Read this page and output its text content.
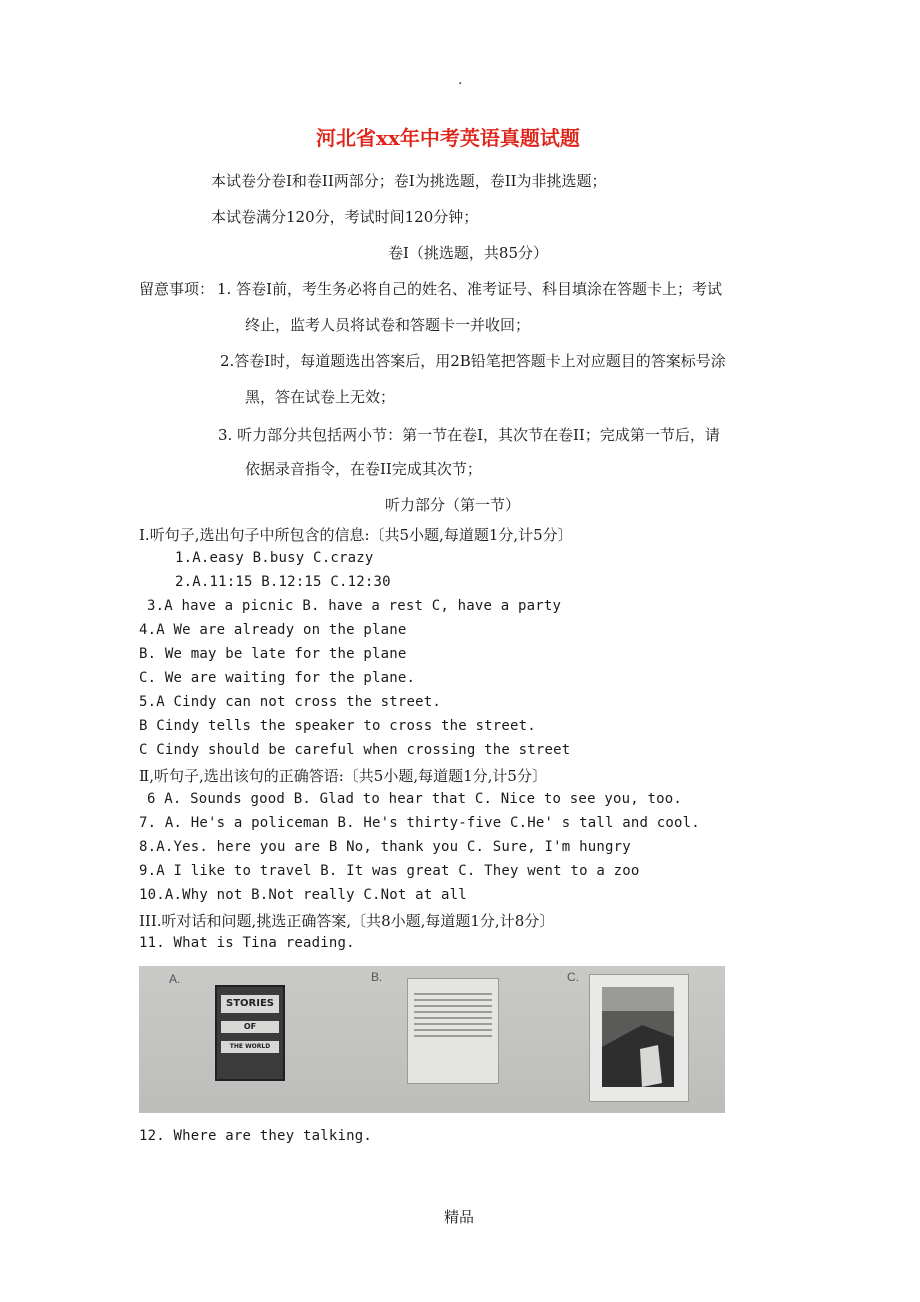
.
河北省xx年中考英语真题试题
本试卷分卷I和卷II两部分；卷I为挑选题，卷II为非挑选题；
本试卷满分120分，考试时间120分钟；
卷I（挑选题，共85分）
留意事项： 1. 答卷I前，考生务必将自己的姓名、准考证号、科目填涂在答题卡上；考试
终止，监考人员将试卷和答题卡一并收回；
2.答卷I时，每道题选出答案后，用2B铅笔把答题卡上对应题目的答案标号涂
黑，答在试卷上无效；
3. 听力部分共包括两小节：第一节在卷I，其次节在卷II；完成第一节后，请
依据录音指令，在卷II完成其次节；
听力部分（第一节）
I.听句子,选出句子中所包含的信息:〔共5小题,每道题1分,计5分〕
1.A.easy B.busy C.crazy
2.A.11:15 B.12:15 C.12:30
3.A have a picnic B. have a rest C, have a party
4.A We are already on the plane
B. We may be late for the plane
C. We are waiting for the plane.
5.A Cindy can not cross the street.
B Cindy tells the speaker to cross the street.
C Cindy should be careful when crossing the street
Ⅱ,听句子,选出该句的正确答语:〔共5小题,每道题1分,计5分〕
6 A. Sounds good B. Glad to hear that C. Nice to see you, too.
7. A. He's a policeman B. He's thirty-five C.He' s tall and cool.
8.A.Yes. here you are B No, thank you C. Sure, I'm hungry
9.A I like to travel B. It was great C. They went to a zoo
10.A.Why not B.Not really C.Not at all
III.听对话和问题,挑选正确答案,〔共8小题,每道题1分,计8分〕
11. What is Tina reading.
A.	B.	C.
STORIES
OF
THE WORLD
12. Where are they talking.
精品
